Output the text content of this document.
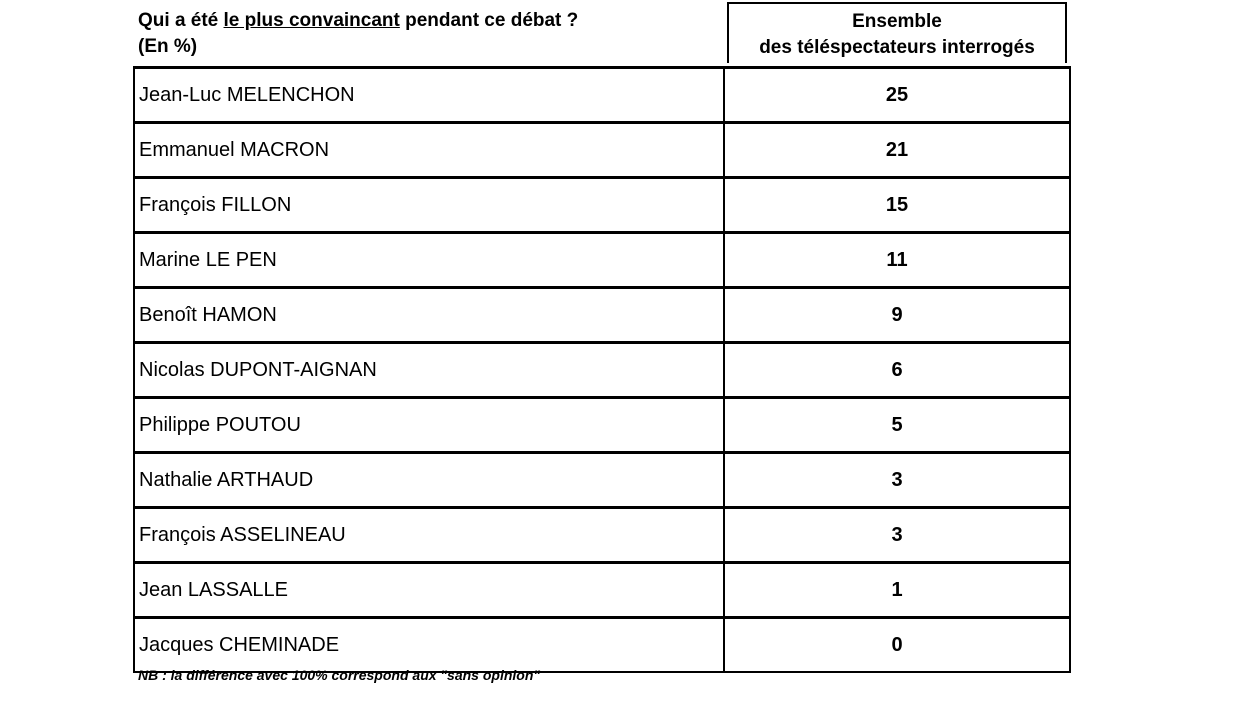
Qui a été le plus convaincant pendant ce débat ?
(En %)
Ensemble
des téléspectateurs interrogés
Jean-Luc MELENCHON	25
Emmanuel MACRON	21
François FILLON	15
Marine LE PEN	11
Benoît HAMON	9
Nicolas DUPONT-AIGNAN	6
Philippe POUTOU	5
Nathalie ARTHAUD	3
François ASSELINEAU	3
Jean LASSALLE	1
Jacques CHEMINADE	0
NB : la différence avec 100% correspond aux "sans opinion"
